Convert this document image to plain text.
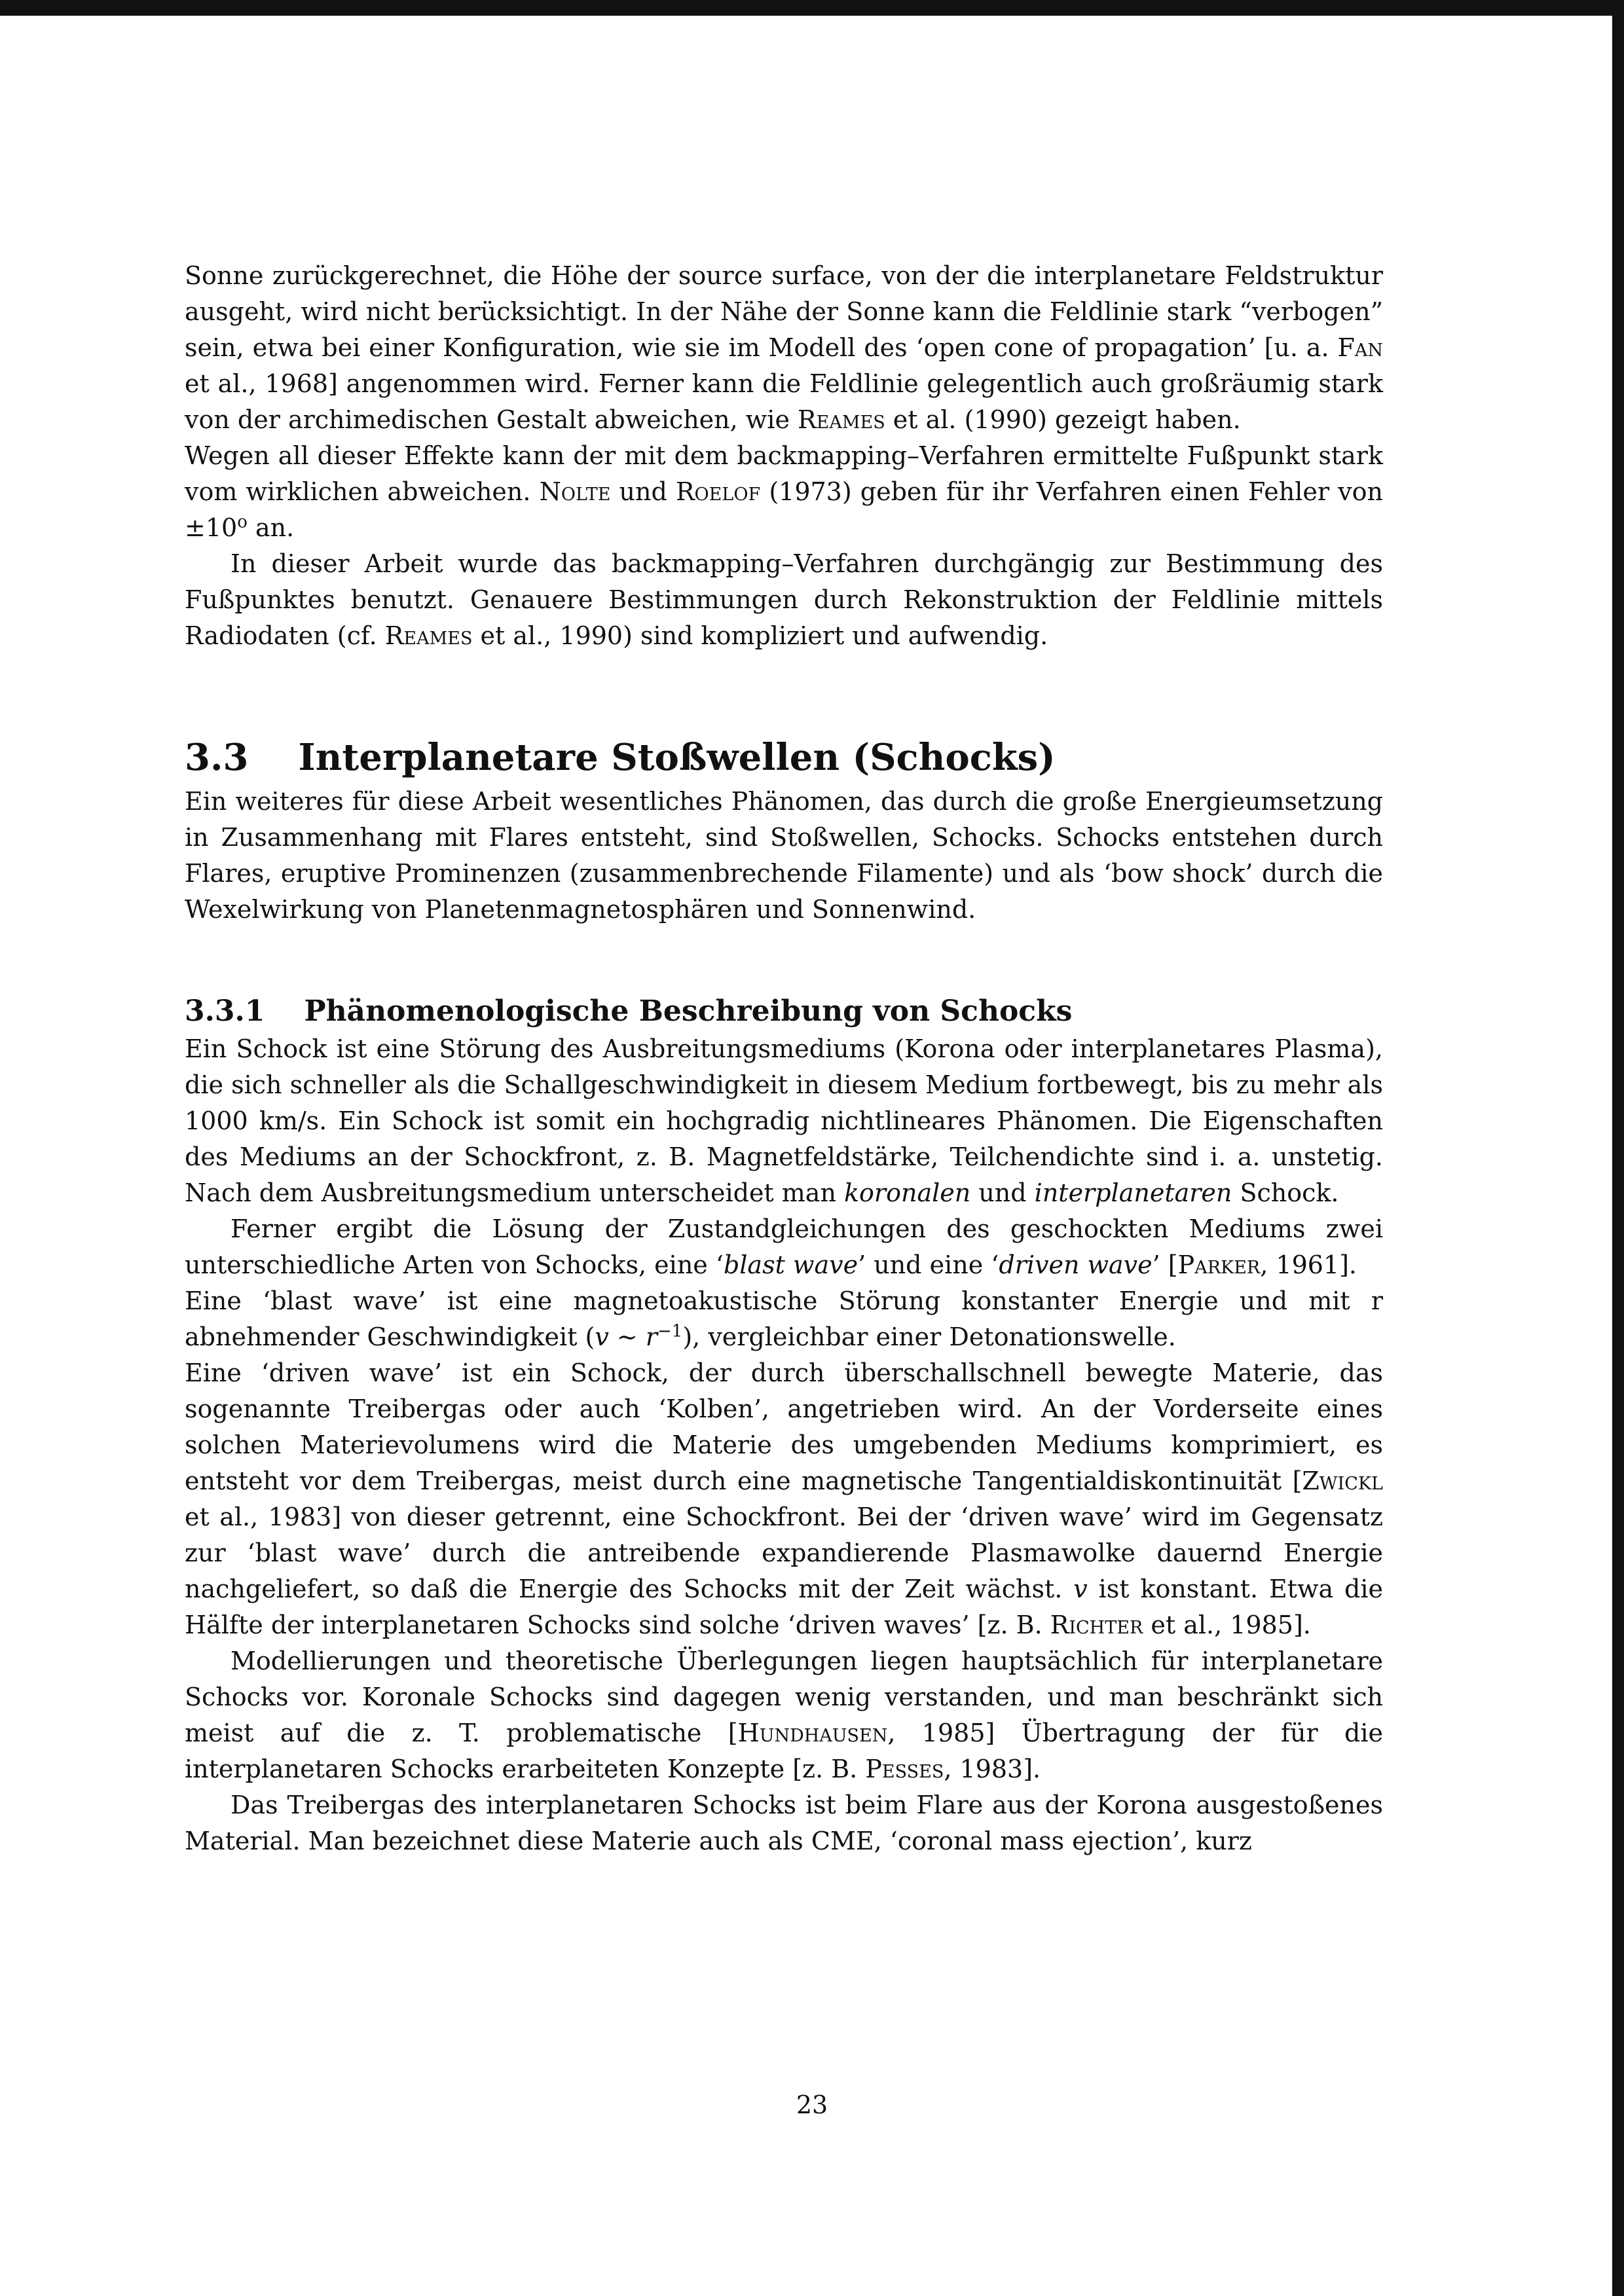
Sonne zurückgerechnet, die Höhe der source surface, von der die interplanetare Feldstruktur ausgeht, wird nicht berücksichtigt. In der Nähe der Sonne kann die Feldlinie stark “verbogen” sein, etwa bei einer Konfiguration, wie sie im Modell des ‘open cone of propagation’ [u. a. Fan et al., 1968] angenommen wird. Ferner kann die Feldlinie gelegentlich auch großräumig stark von der archimedischen Gestalt abweichen, wie Reames et al. (1990) gezeigt haben.
Wegen all dieser Effekte kann der mit dem backmapping–Verfahren ermittelte Fußpunkt stark vom wirklichen abweichen. Nolte und Roelof (1973) geben für ihr Verfahren einen Fehler von $\pm 10^o$ an.

In dieser Arbeit wurde das backmapping–Verfahren durchgängig zur Bestimmung des Fußpunktes benutzt. Genauere Bestimmungen durch Rekonstruktion der Feldlinie mittels Radiodaten (cf. Reames et al., 1990) sind kompliziert und aufwendig.

3.3 Interplanetare Stoßwellen (Schocks)

Ein weiteres für diese Arbeit wesentliches Phänomen, das durch die große Energieumsetzung in Zusammenhang mit Flares entsteht, sind Stoßwellen, Schocks. Schocks entstehen durch Flares, eruptive Prominenzen (zusammenbrechende Filamente) und als ‘bow shock’ durch die Wexelwirkung von Planetenmagnetosphären und Sonnenwind.

3.3.1 Phänomenologische Beschreibung von Schocks

Ein Schock ist eine Störung des Ausbreitungsmediums (Korona oder interplanetares Plasma), die sich schneller als die Schallgeschwindigkeit in diesem Medium fortbewegt, bis zu mehr als 1000 km/s. Ein Schock ist somit ein hochgradig nichtlineares Phänomen. Die Eigenschaften des Mediums an der Schockfront, z. B. Magnetfeldstärke, Teilchendichte sind i. a. unstetig. Nach dem Ausbreitungsmedium unterscheidet man koronalen und interplanetaren Schock.

Ferner ergibt die Lösung der Zustandgleichungen des geschockten Mediums zwei unterschiedliche Arten von Schocks, eine ‘blast wave’ und eine ‘driven wave’ [Parker, 1961].
Eine ‘blast wave’ ist eine magnetoakustische Störung konstanter Energie und mit r abnehmender Geschwindigkeit (v ∼ $r^{-1}$), vergleichbar einer Detonationswelle.
Eine ‘driven wave’ ist ein Schock, der durch überschallschnell bewegte Materie, das sogenannte Treibergas oder auch ‘Kolben’, angetrieben wird. An der Vorderseite eines solchen Materievolumens wird die Materie des umgebenden Mediums komprimiert, es entsteht vor dem Treibergas, meist durch eine magnetische Tangentialdiskontinuität [Zwickl et al., 1983] von dieser getrennt, eine Schockfront. Bei der ‘driven wave’ wird im Gegensatz zur ‘blast wave’ durch die antreibende expandierende Plasmawolke dauernd Energie nachgeliefert, so daß die Energie des Schocks mit der Zeit wächst. v ist konstant. Etwa die Hälfte der interplanetaren Schocks sind solche ‘driven waves’ [z. B. Richter et al., 1985].

Modellierungen und theoretische Überlegungen liegen hauptsächlich für interplanetare Schocks vor. Koronale Schocks sind dagegen wenig verstanden, und man beschränkt sich meist auf die z. T. problematische [Hundhausen, 1985] Übertragung der für die interplanetaren Schocks erarbeiteten Konzepte [z. B. Pesses, 1983].

Das Treibergas des interplanetaren Schocks ist beim Flare aus der Korona ausgestoßenes Material. Man bezeichnet diese Materie auch als CME, ‘coronal mass ejection’, kurz

23
